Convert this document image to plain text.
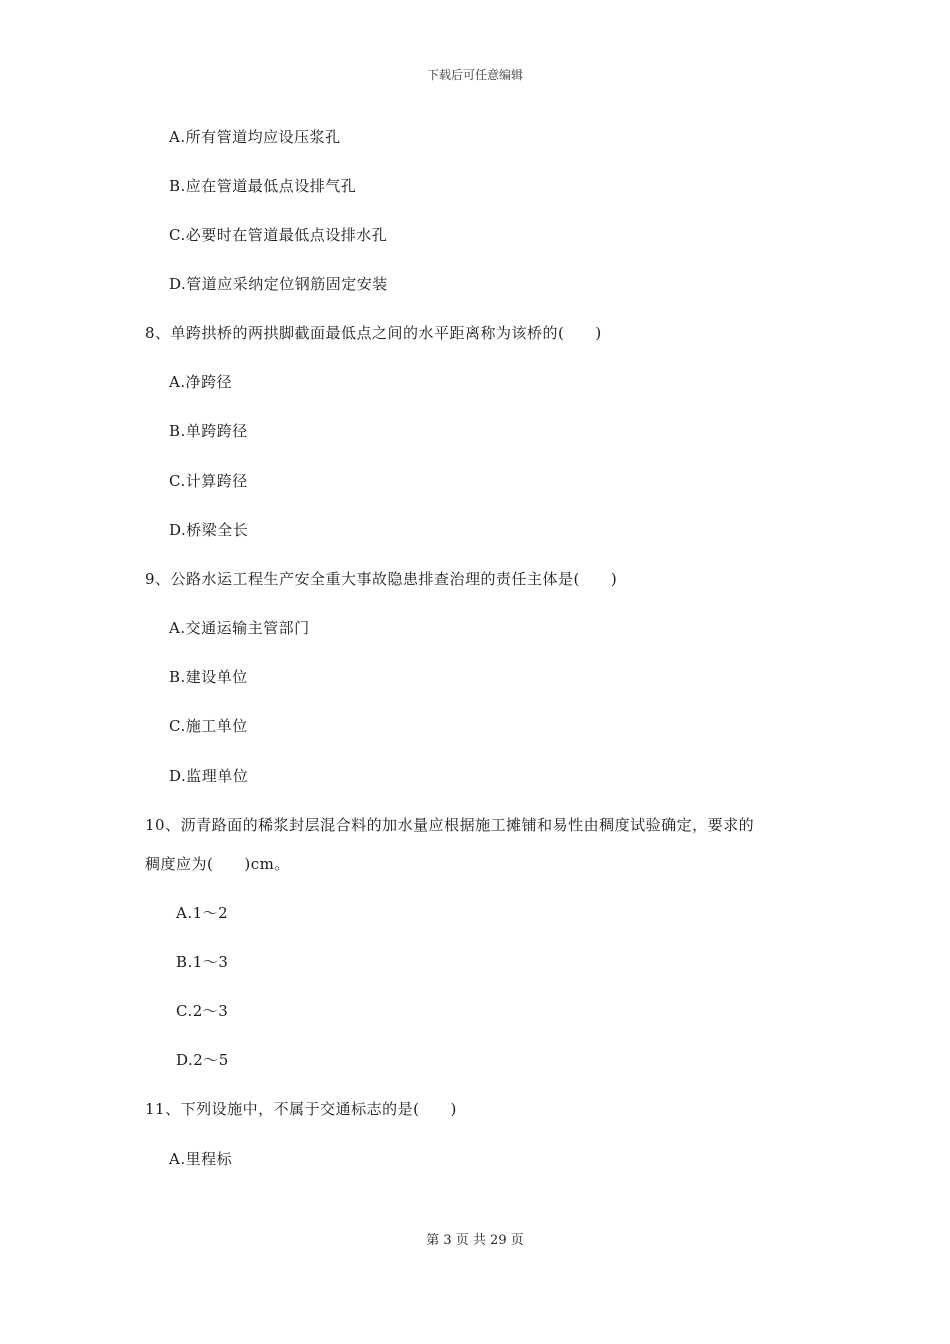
下载后可任意编辑
A.所有管道均应设压浆孔
B.应在管道最低点设排气孔
C.必要时在管道最低点设排水孔
D.管道应采纳定位钢筋固定安装
8、单跨拱桥的两拱脚截面最低点之间的水平距离称为该桥的(　　)
A.净跨径
B.单跨跨径
C.计算跨径
D.桥梁全长
9、公路水运工程生产安全重大事故隐患排查治理的责任主体是(　　)
A.交通运输主管部门
B.建设单位
C.施工单位
D.监理单位
10、沥青路面的稀浆封层混合料的加水量应根据施工摊铺和易性由稠度试验确定，要求的
稠度应为(　　)cm。
A.1～2
B.1～3
C.2～3
D.2～5
11、下列设施中，不属于交通标志的是(　　)
A.里程标
第 3 页 共 29 页
